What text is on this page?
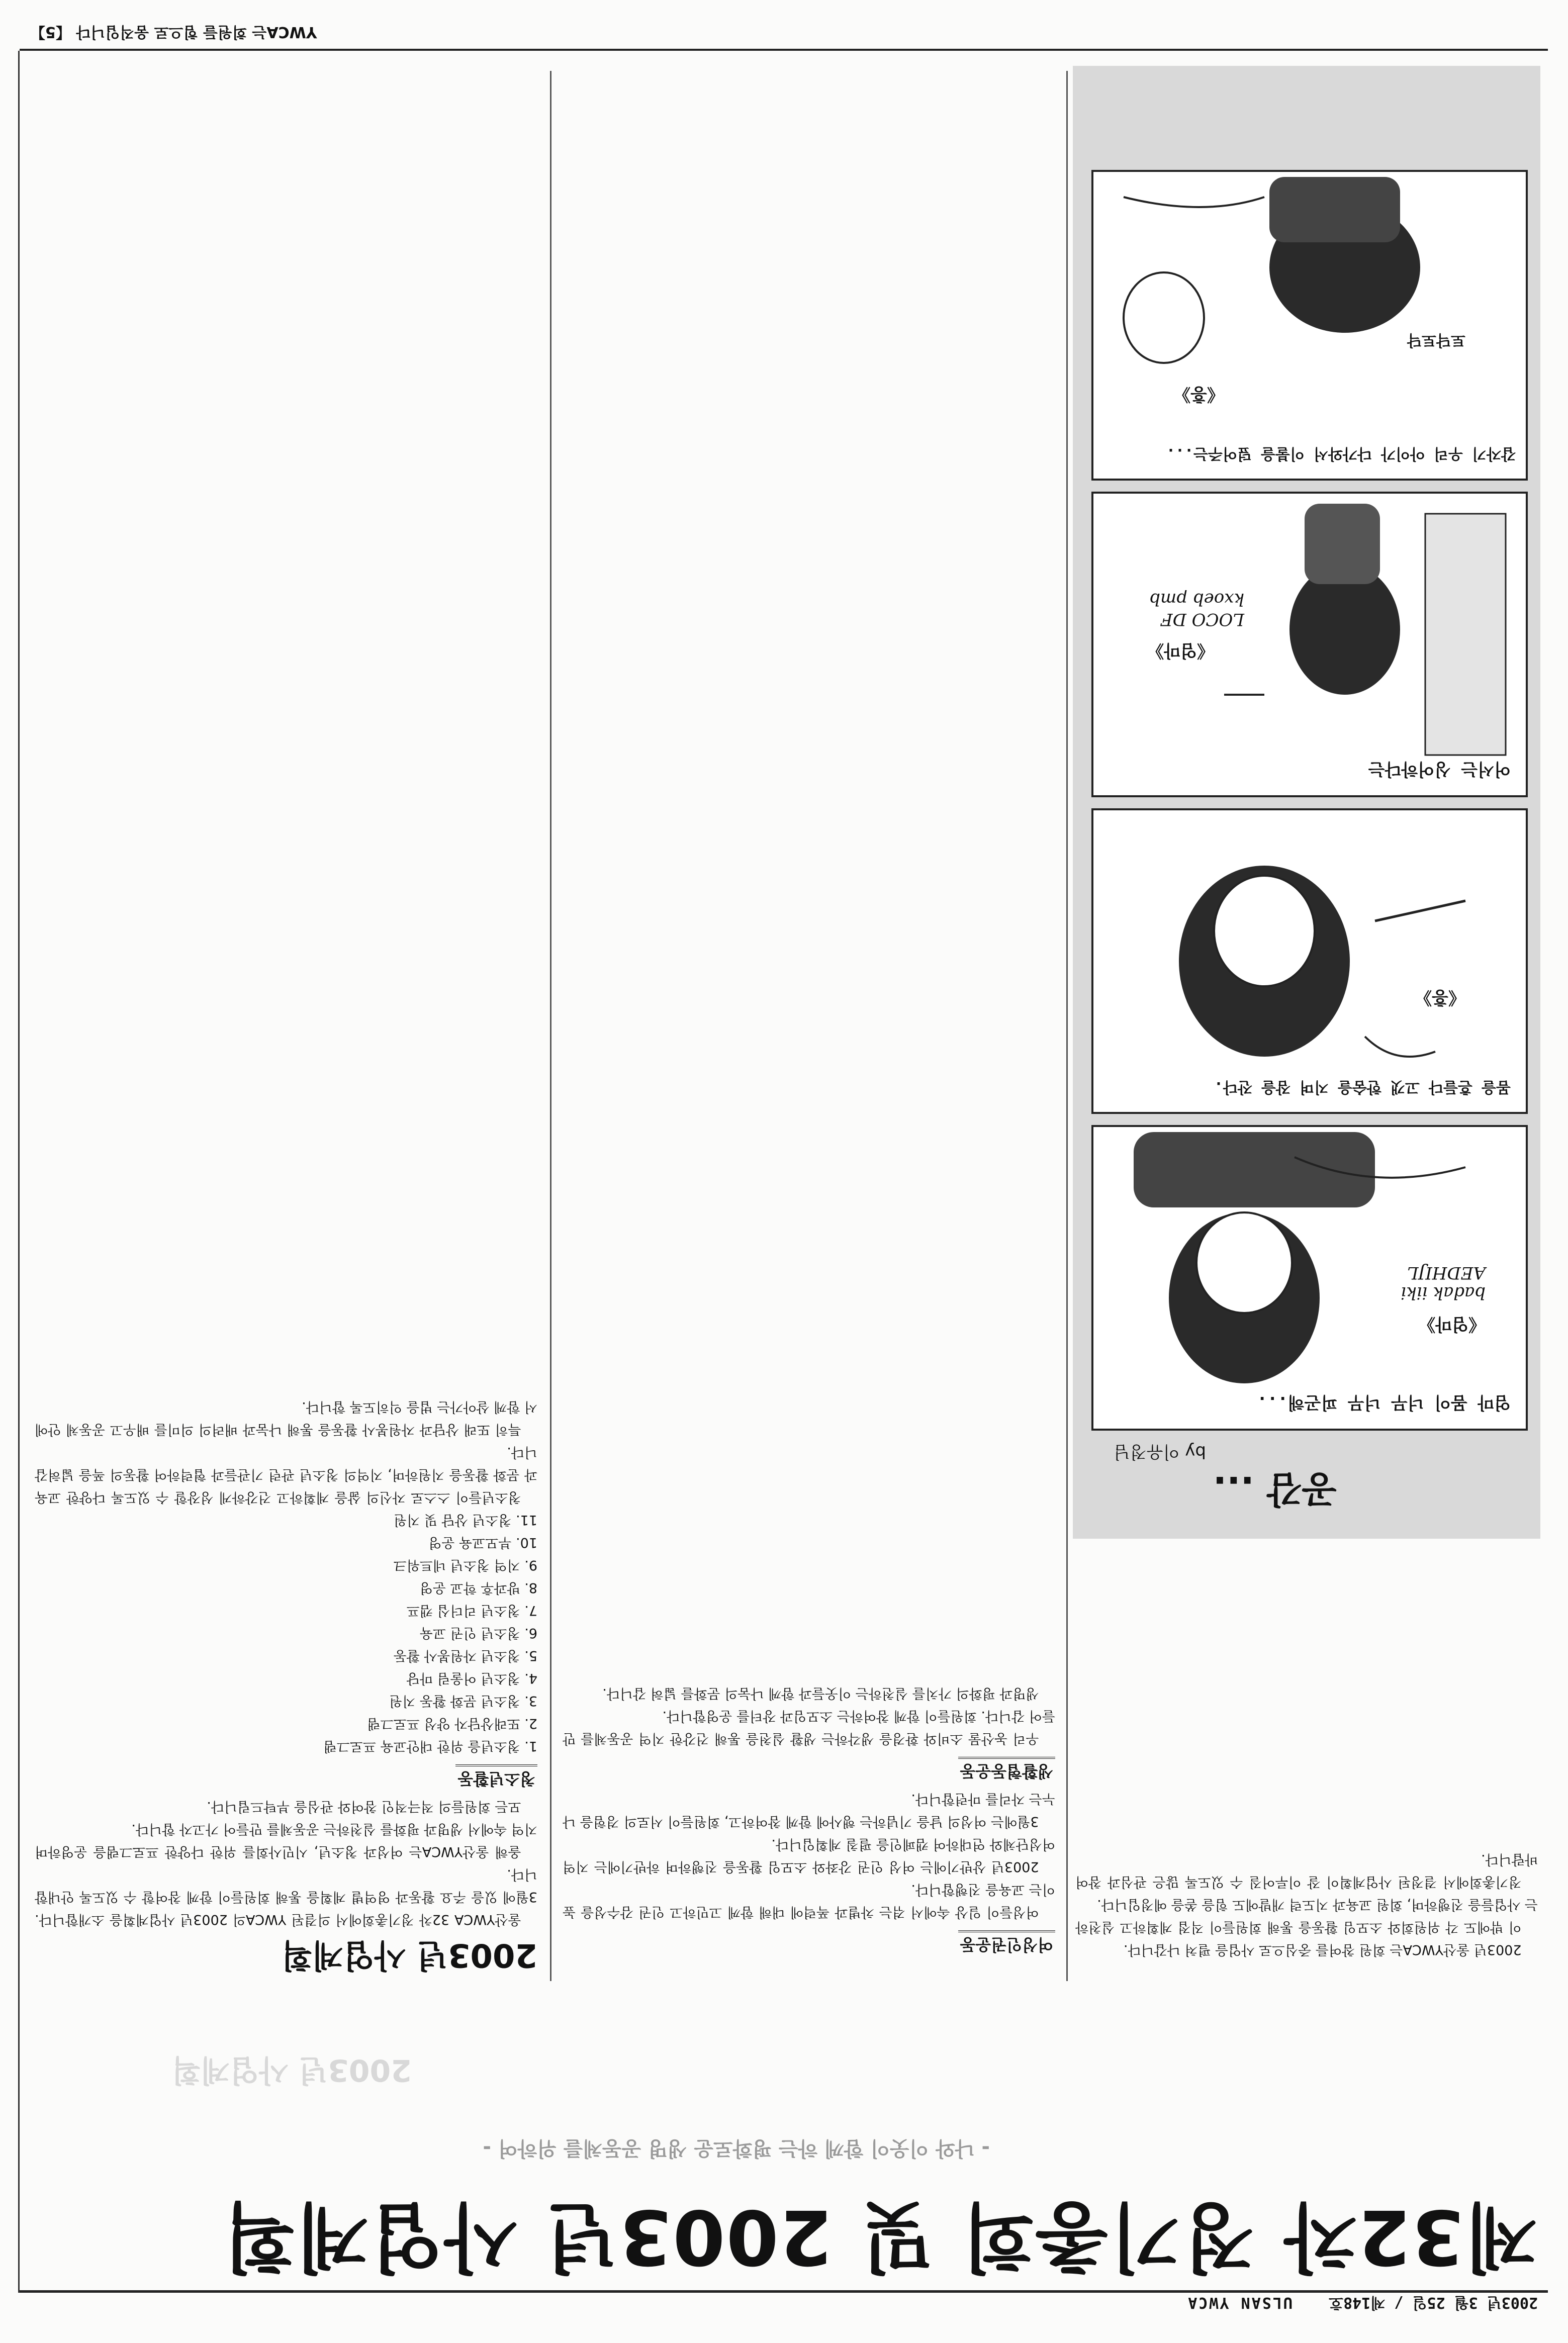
2003년 3월 25일 / 제148호    ULSAN YWCA
YWCA는 회원들 힘으로 움직입니다 【5】
제32차 정기총회 및 2003년 사업계획
- 나와 이웃이 함께 하는 평화로운 생명 공동체를 위하여 -
2003년 사업계획
2003년 사업계획

울산YWCA 32차 정기총회에서 의결된 YWCA의 2003년 사업계획을 소개합니다. 3월에 있을 주요 활동과 영역별 계획을 통해 회원들이 함께 참여할 수 있도록 안내합니다.

올해 울산YWCA는 여성과 청소년, 시민사회를 위한 다양한 프로그램을 운영하며 지역 속에서 생명과 평화를 실천하는 공동체를 만들어 가고자 합니다.

모든 회원들의 적극적인 참여와 관심을 부탁드립니다.

청소년활동
1. 청소년을 위한 대안교육 프로그램
2. 또래상담자 양성 프로그램
3. 청소년 문화 활동 지원
4. 청소년 어울림 마당
5. 청소년 자원봉사 활동
6. 청소년 인권 교육
7. 청소년 리더십 캠프
8. 방과후 학교 운영
9. 지역 청소년 네트워크
10. 부모교육 운영
11. 청소년 상담 및 지원

청소년들이 스스로 자신의 삶을 계획하고 건강하게 성장할 수 있도록 다양한 교육과 문화 활동을 지원하며, 지역의 청소년 관련 기관들과 협력하여 활동의 폭을 넓혀갑니다.

특히 또래 상담과 자원봉사 활동을 통해 나눔과 배려의 의미를 배우고 공동체 안에서 함께 살아가는 법을 익히도록 합니다.

여성인권운동

여성들이 일상 속에서 겪는 차별과 폭력에 대해 함께 고민하고 인권 감수성을 높이는 교육을 진행합니다.

2003년 상반기에는 여성 인권 강좌와 소모임 활동을 진행하며 하반기에는 지역 여성단체와 연대하여 캠페인을 펼칠 계획입니다.

3월에는 여성의 날을 기념하는 행사에 함께 참여하고, 회원들이 서로의 경험을 나누는 자리를 마련합니다.

생활협동운동

우리 농산물 소비와 환경을 생각하는 생활 실천을 통해 건강한 지역 공동체를 만들어 갑니다. 회원들이 함께 참여하는 소모임과 장터를 운영합니다.

생명과 평화의 가치를 실천하는 이웃들과 함께 나눔의 문화를 넓혀 갑니다.

2003년 울산YWCA는 회원 참여를 중심으로 사업을 펼쳐 나갑니다.

이 밖에도 각 위원회와 소모임 활동을 통해 회원들이 직접 계획하고 실천하는 사업들을 진행하며, 회원 교육과 지도력 개발에도 힘을 쏟을 예정입니다.

정기총회에서 결정된 사업계획이 잘 이루어질 수 있도록 많은 관심과 참여 바랍니다.

공감 ...
by 이유정님
엄마 몸이 너무 너무 피곤해...
《엄마》
badak iiki AEDHIJL
몸을 흔들다 고갯 한숨을 지며 잠을 잔다.
《흥》
어서는 싱어하다는
《엄마》
LOCO DF kxoeb pmb
갑자기 우리 아이가 다가와서 이불을 덮어주는...
《흥》
토닥토닥
